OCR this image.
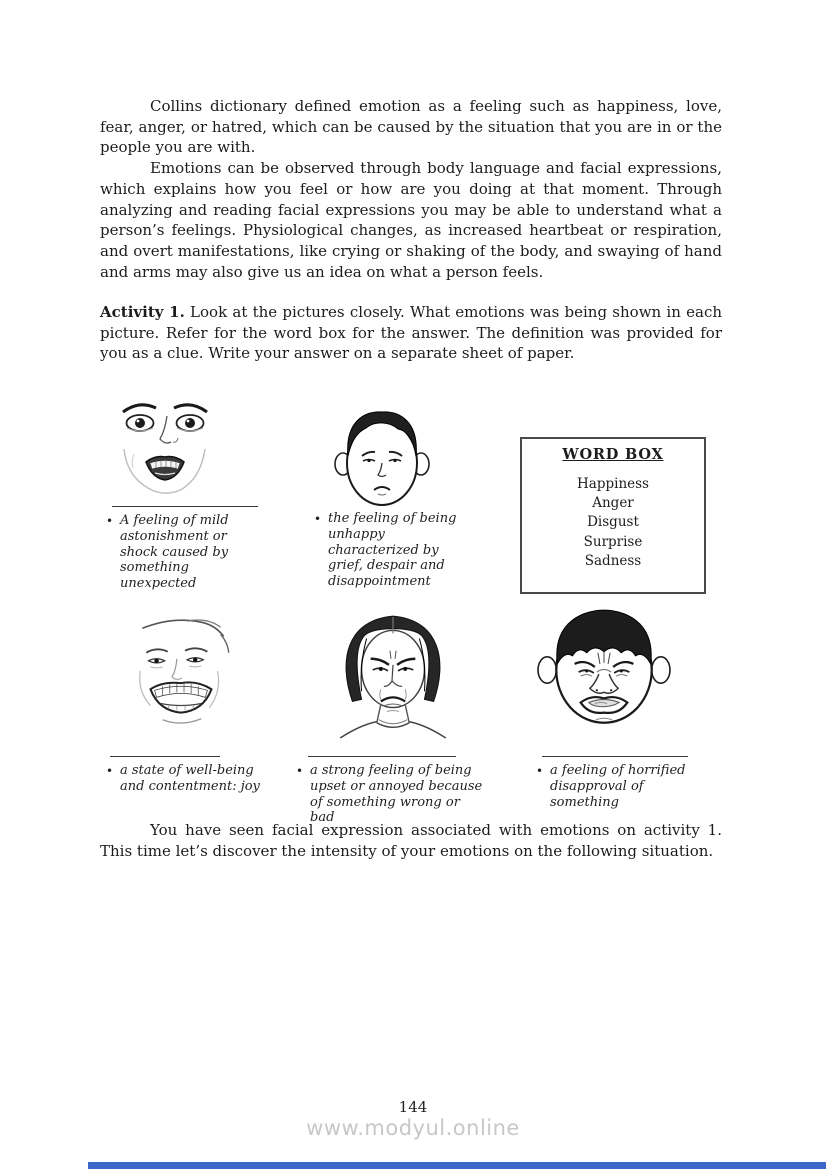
Collins dictionary defined emotion as a feeling such as happiness, love, fear, anger, or hatred, which can be caused by the situation that you are in or the people you are with.

Emotions can be observed through body language and facial expressions, which explains how you feel or how are you doing at that moment. Through analyzing and reading facial expressions you may be able to understand what a person’s feelings. Physiological changes, as increased heartbeat or respiration, and overt manifestations, like crying or shaking of the body, and swaying of hand and arms may also give us an idea on what a person feels.

Activity 1. Look at the pictures closely. What emotions was being shown in each picture. Refer for the word box for the answer. The definition was provided for you as a clue. Write your answer on a separate sheet of paper.
• A feeling of mild astonishment or shock caused by something unexpected
• the feeling of being unhappy characterized by grief, despair and disappointment
WORD BOX
Happiness
Anger
Disgust
Surprise
Sadness
• a state of well-being and contentment: joy
• a strong feeling of being upset or annoyed because of something wrong or bad
• a feeling of horrified disapproval of something

You have seen facial expression associated with emotions on activity 1. This time let’s discover the intensity of your emotions on the following situation.

144
www.modyul.online
